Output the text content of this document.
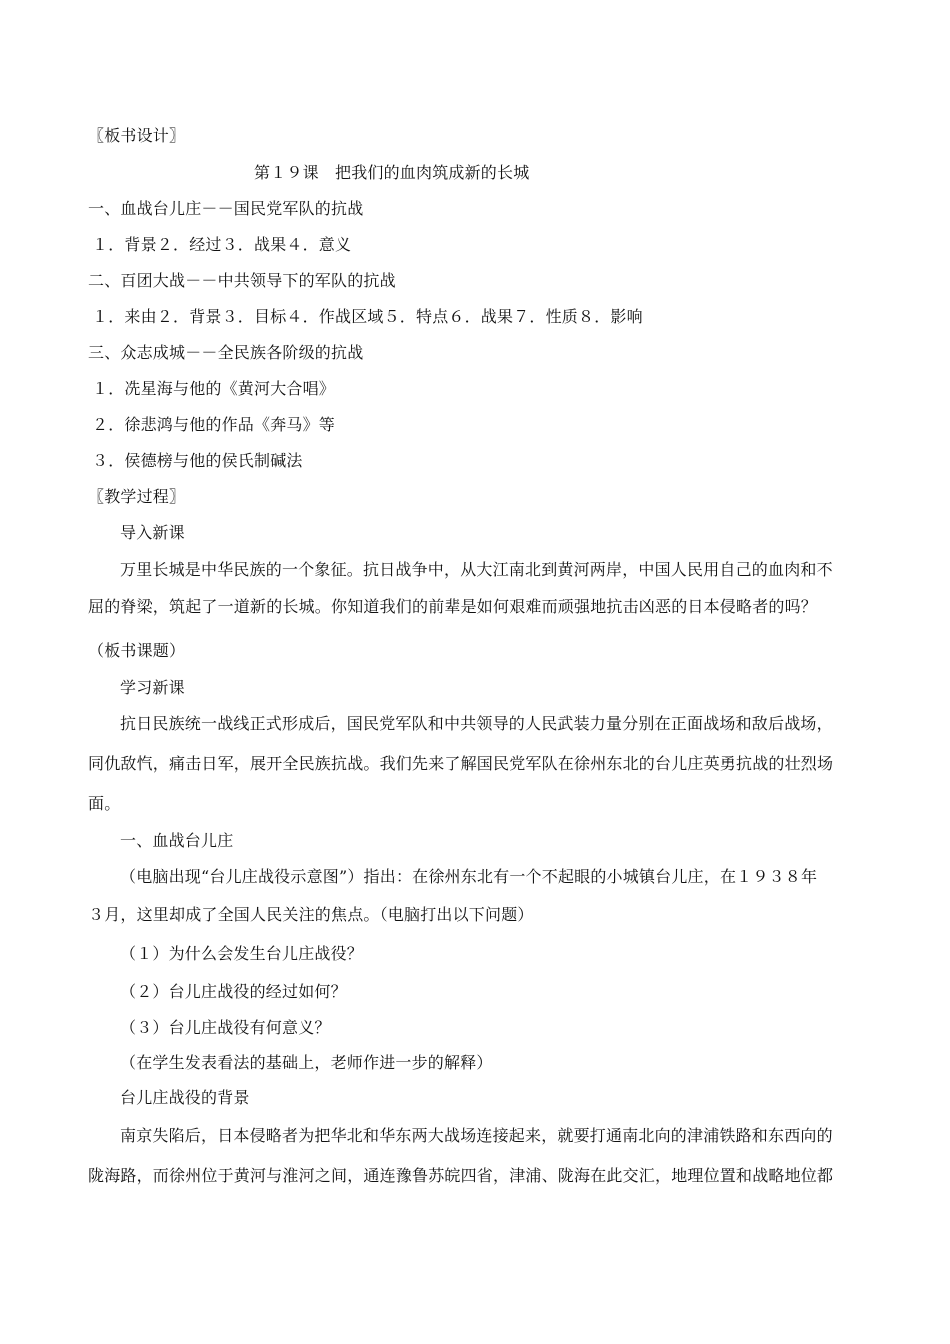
〖板书设计〗
第１９课　把我们的血肉筑成新的长城
一、血战台儿庄－－国民党军队的抗战
１．背景２．经过３．战果４．意义
二、百团大战－－中共领导下的军队的抗战
１．来由２．背景３．目标４．作战区域５．特点６．战果７．性质８．影响
三、众志成城－－全民族各阶级的抗战
１．冼星海与他的《黄河大合唱》
２．徐悲鸿与他的作品《奔马》等
３．侯德榜与他的侯氏制碱法
〖教学过程〗
导入新课
万里长城是中华民族的一个象征。抗日战争中，从大江南北到黄河两岸，中国人民用自己的血肉和不
屈的脊梁，筑起了一道新的长城。你知道我们的前辈是如何艰难而顽强地抗击凶恶的日本侵略者的吗？
（板书课题）
学习新课
抗日民族统一战线正式形成后，国民党军队和中共领导的人民武装力量分别在正面战场和敌后战场，
同仇敌忾，痛击日军，展开全民族抗战。我们先来了解国民党军队在徐州东北的台儿庄英勇抗战的壮烈场
面。
一、血战台儿庄
（电脑出现“台儿庄战役示意图”）指出：在徐州东北有一个不起眼的小城镇台儿庄，在１９３８年
３月，这里却成了全国人民关注的焦点。（电脑打出以下问题）
（１）为什么会发生台儿庄战役？
（２）台儿庄战役的经过如何？
（３）台儿庄战役有何意义？
（在学生发表看法的基础上，老师作进一步的解释）
台儿庄战役的背景
南京失陷后，日本侵略者为把华北和华东两大战场连接起来，就要打通南北向的津浦铁路和东西向的
陇海路，而徐州位于黄河与淮河之间，通连豫鲁苏皖四省，津浦、陇海在此交汇，地理位置和战略地位都
